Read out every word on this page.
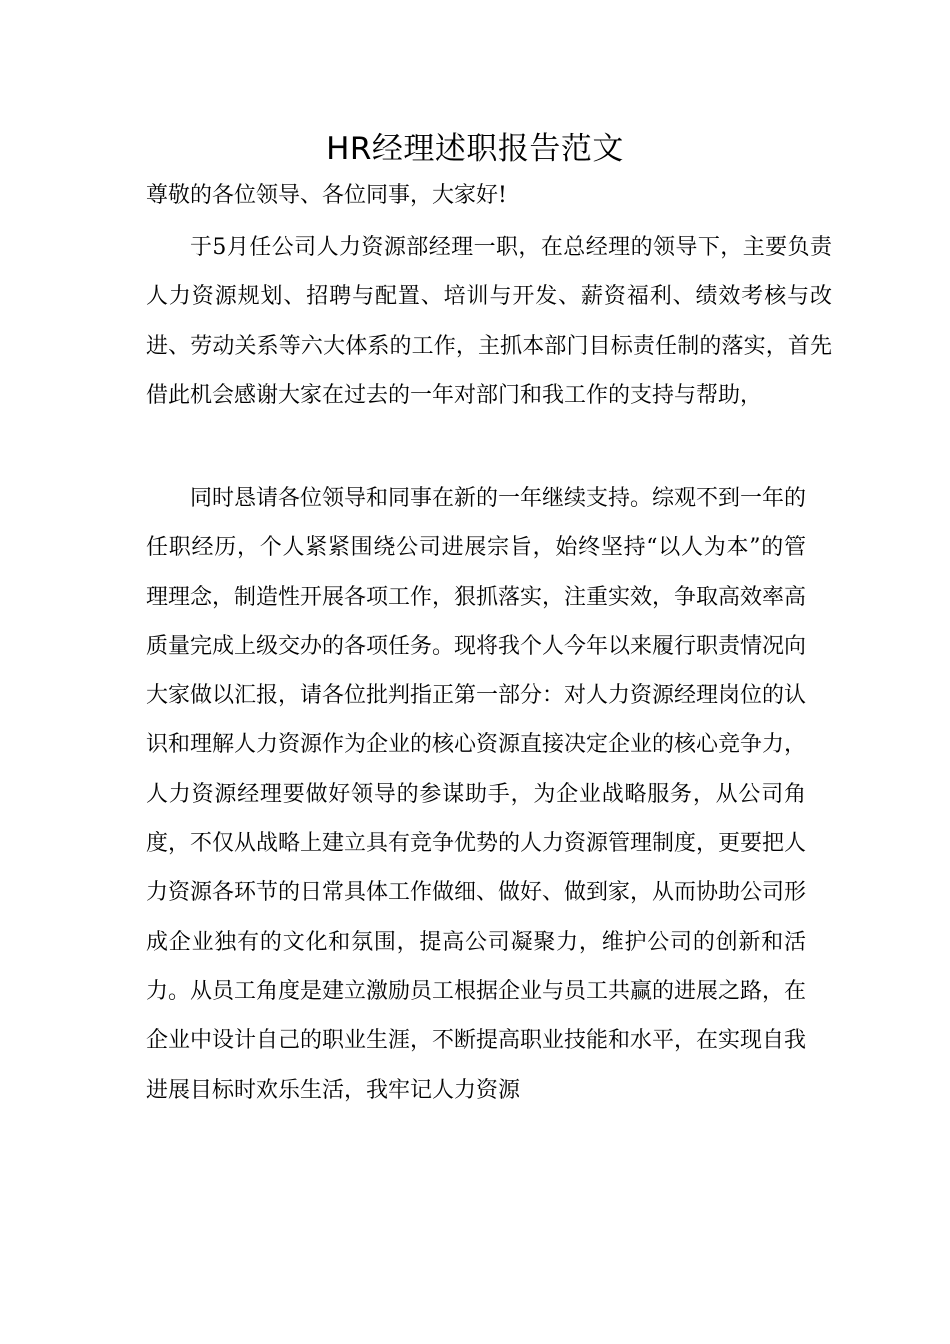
HR经理述职报告范文
尊敬的各位领导、各位同事，大家好!

于5月任公司人力资源部经理一职，在总经理的领导下，主要负责人力资源规划、招聘与配置、培训与开发、薪资福利、绩效考核与改进、劳动关系等六大体系的工作，主抓本部门目标责任制的落实，首先借此机会感谢大家在过去的一年对部门和我工作的支持与帮助，

同时恳请各位领导和同事在新的一年继续支持。综观不到一年的任职经历，个人紧紧围绕公司进展宗旨，始终坚持“以人为本”的管理理念，制造性开展各项工作，狠抓落实，注重实效，争取高效率高质量完成上级交办的各项任务。现将我个人今年以来履行职责情况向大家做以汇报，请各位批判指正第一部分：对人力资源经理岗位的认识和理解人力资源作为企业的核心资源直接决定企业的核心竞争力，人力资源经理要做好领导的参谋助手，为企业战略服务，从公司角度，不仅从战略上建立具有竞争优势的人力资源管理制度，更要把人力资源各环节的日常具体工作做细、做好、做到家，从而协助公司形成企业独有的文化和氛围，提高公司凝聚力，维护公司的创新和活力。从员工角度是建立激励员工根据企业与员工共赢的进展之路，在企业中设计自己的职业生涯，不断提高职业技能和水平，在实现自我进展目标时欢乐生活，我牢记人力资源
